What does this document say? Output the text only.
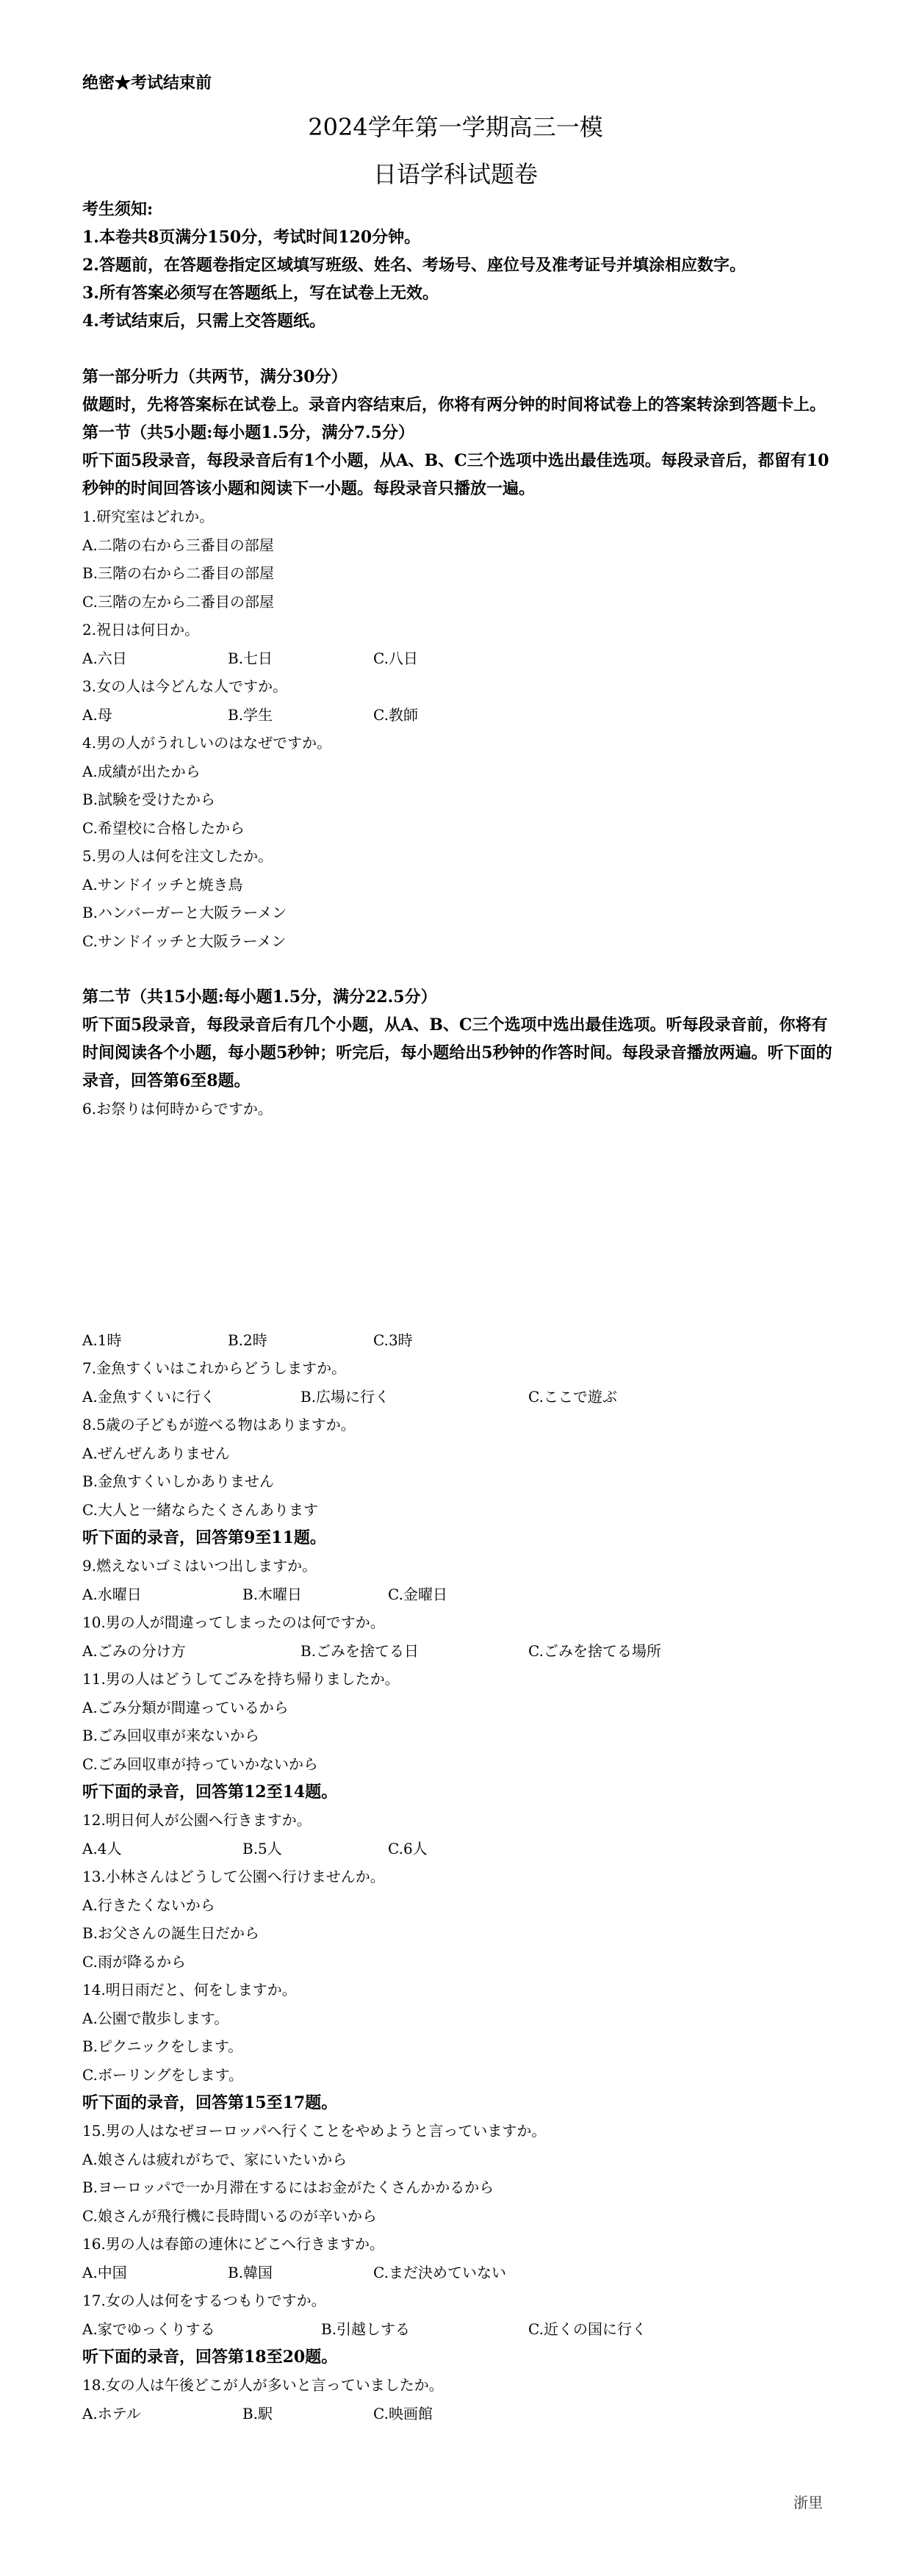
绝密★考试结束前
2024学年第一学期高三一模
日语学科试题卷
考生须知:
1.本卷共8页满分150分，考试时间120分钟。
2.答题前，在答题卷指定区域填写班级、姓名、考场号、座位号及准考证号并填涂相应数字。
3.所有答案必须写在答题纸上，写在试卷上无效。
4.考试结束后，只需上交答题纸。
第一部分听力（共两节，满分30分）
做题时，先将答案标在试卷上。录音内容结束后，你将有两分钟的时间将试卷上的答案转涂到答题卡上。
第一节（共5小题:每小题1.5分，满分7.5分）
听下面5段录音，每段录音后有1个小题，从A、B、C三个选项中选出最佳选项。每段录音后，都留有10秒钟的时间回答该小题和阅读下一小题。每段录音只播放一遍。
1.研究室はどれか。
A.二階の右から三番目の部屋
B.三階の右から二番目の部屋
C.三階の左から二番目の部屋
2.祝日は何日か。
A.六日	B.七日	C.八日
3.女の人は今どんな人ですか。
A.母	B.学生	C.教師
4.男の人がうれしいのはなぜですか。
A.成績が出たから
B.試験を受けたから
C.希望校に合格したから
5.男の人は何を注文したか。
A.サンドイッチと焼き鳥
B.ハンバーガーと大阪ラーメン
C.サンドイッチと大阪ラーメン
第二节（共15小题:每小题1.5分，满分22.5分）
听下面5段录音，每段录音后有几个小题，从A、B、C三个选项中选出最佳选项。听每段录音前，你将有时间阅读各个小题，每小题5秒钟；听完后，每小题给出5秒钟的作答时间。每段录音播放两遍。听下面的录音，回答第6至8题。
6.お祭りは何時からですか。
A.1時	B.2時	C.3時
7.金魚すくいはこれからどうしますか。
A.金魚すくいに行く	B.広場に行く	C.ここで遊ぶ
8.5歳の子どもが遊べる物はありますか。
A.ぜんぜんありません
B.金魚すくいしかありません
C.大人と一緒ならたくさんあります
听下面的录音，回答第9至11题。
9.燃えないゴミはいつ出しますか。
A.水曜日	B.木曜日	C.金曜日
10.男の人が間違ってしまったのは何ですか。
A.ごみの分け方	B.ごみを捨てる日	C.ごみを捨てる場所
11.男の人はどうしてごみを持ち帰りましたか。
A.ごみ分類が間違っているから
B.ごみ回収車が来ないから
C.ごみ回収車が持っていかないから
听下面的录音，回答第12至14题。
12.明日何人が公園へ行きますか。
A.4人	B.5人	C.6人
13.小林さんはどうして公園へ行けませんか。
A.行きたくないから
B.お父さんの誕生日だから
C.雨が降るから
14.明日雨だと、何をしますか。
A.公園で散歩します。
B.ピクニックをします。
C.ボーリングをします。
听下面的录音，回答第15至17题。
15.男の人はなぜヨーロッパへ行くことをやめようと言っていますか。
A.娘さんは疲れがちで、家にいたいから
B.ヨーロッパで一か月滞在するにはお金がたくさんかかるから
C.娘さんが飛行機に長時間いるのが辛いから
16.男の人は春節の連休にどこへ行きますか。
A.中国	B.韓国	C.まだ決めていない
17.女の人は何をするつもりですか。
A.家でゆっくりする	B.引越しする	C.近くの国に行く
听下面的录音，回答第18至20题。
18.女の人は午後どこが人が多いと言っていましたか。
A.ホテル	B.駅	C.映画館
浙里
